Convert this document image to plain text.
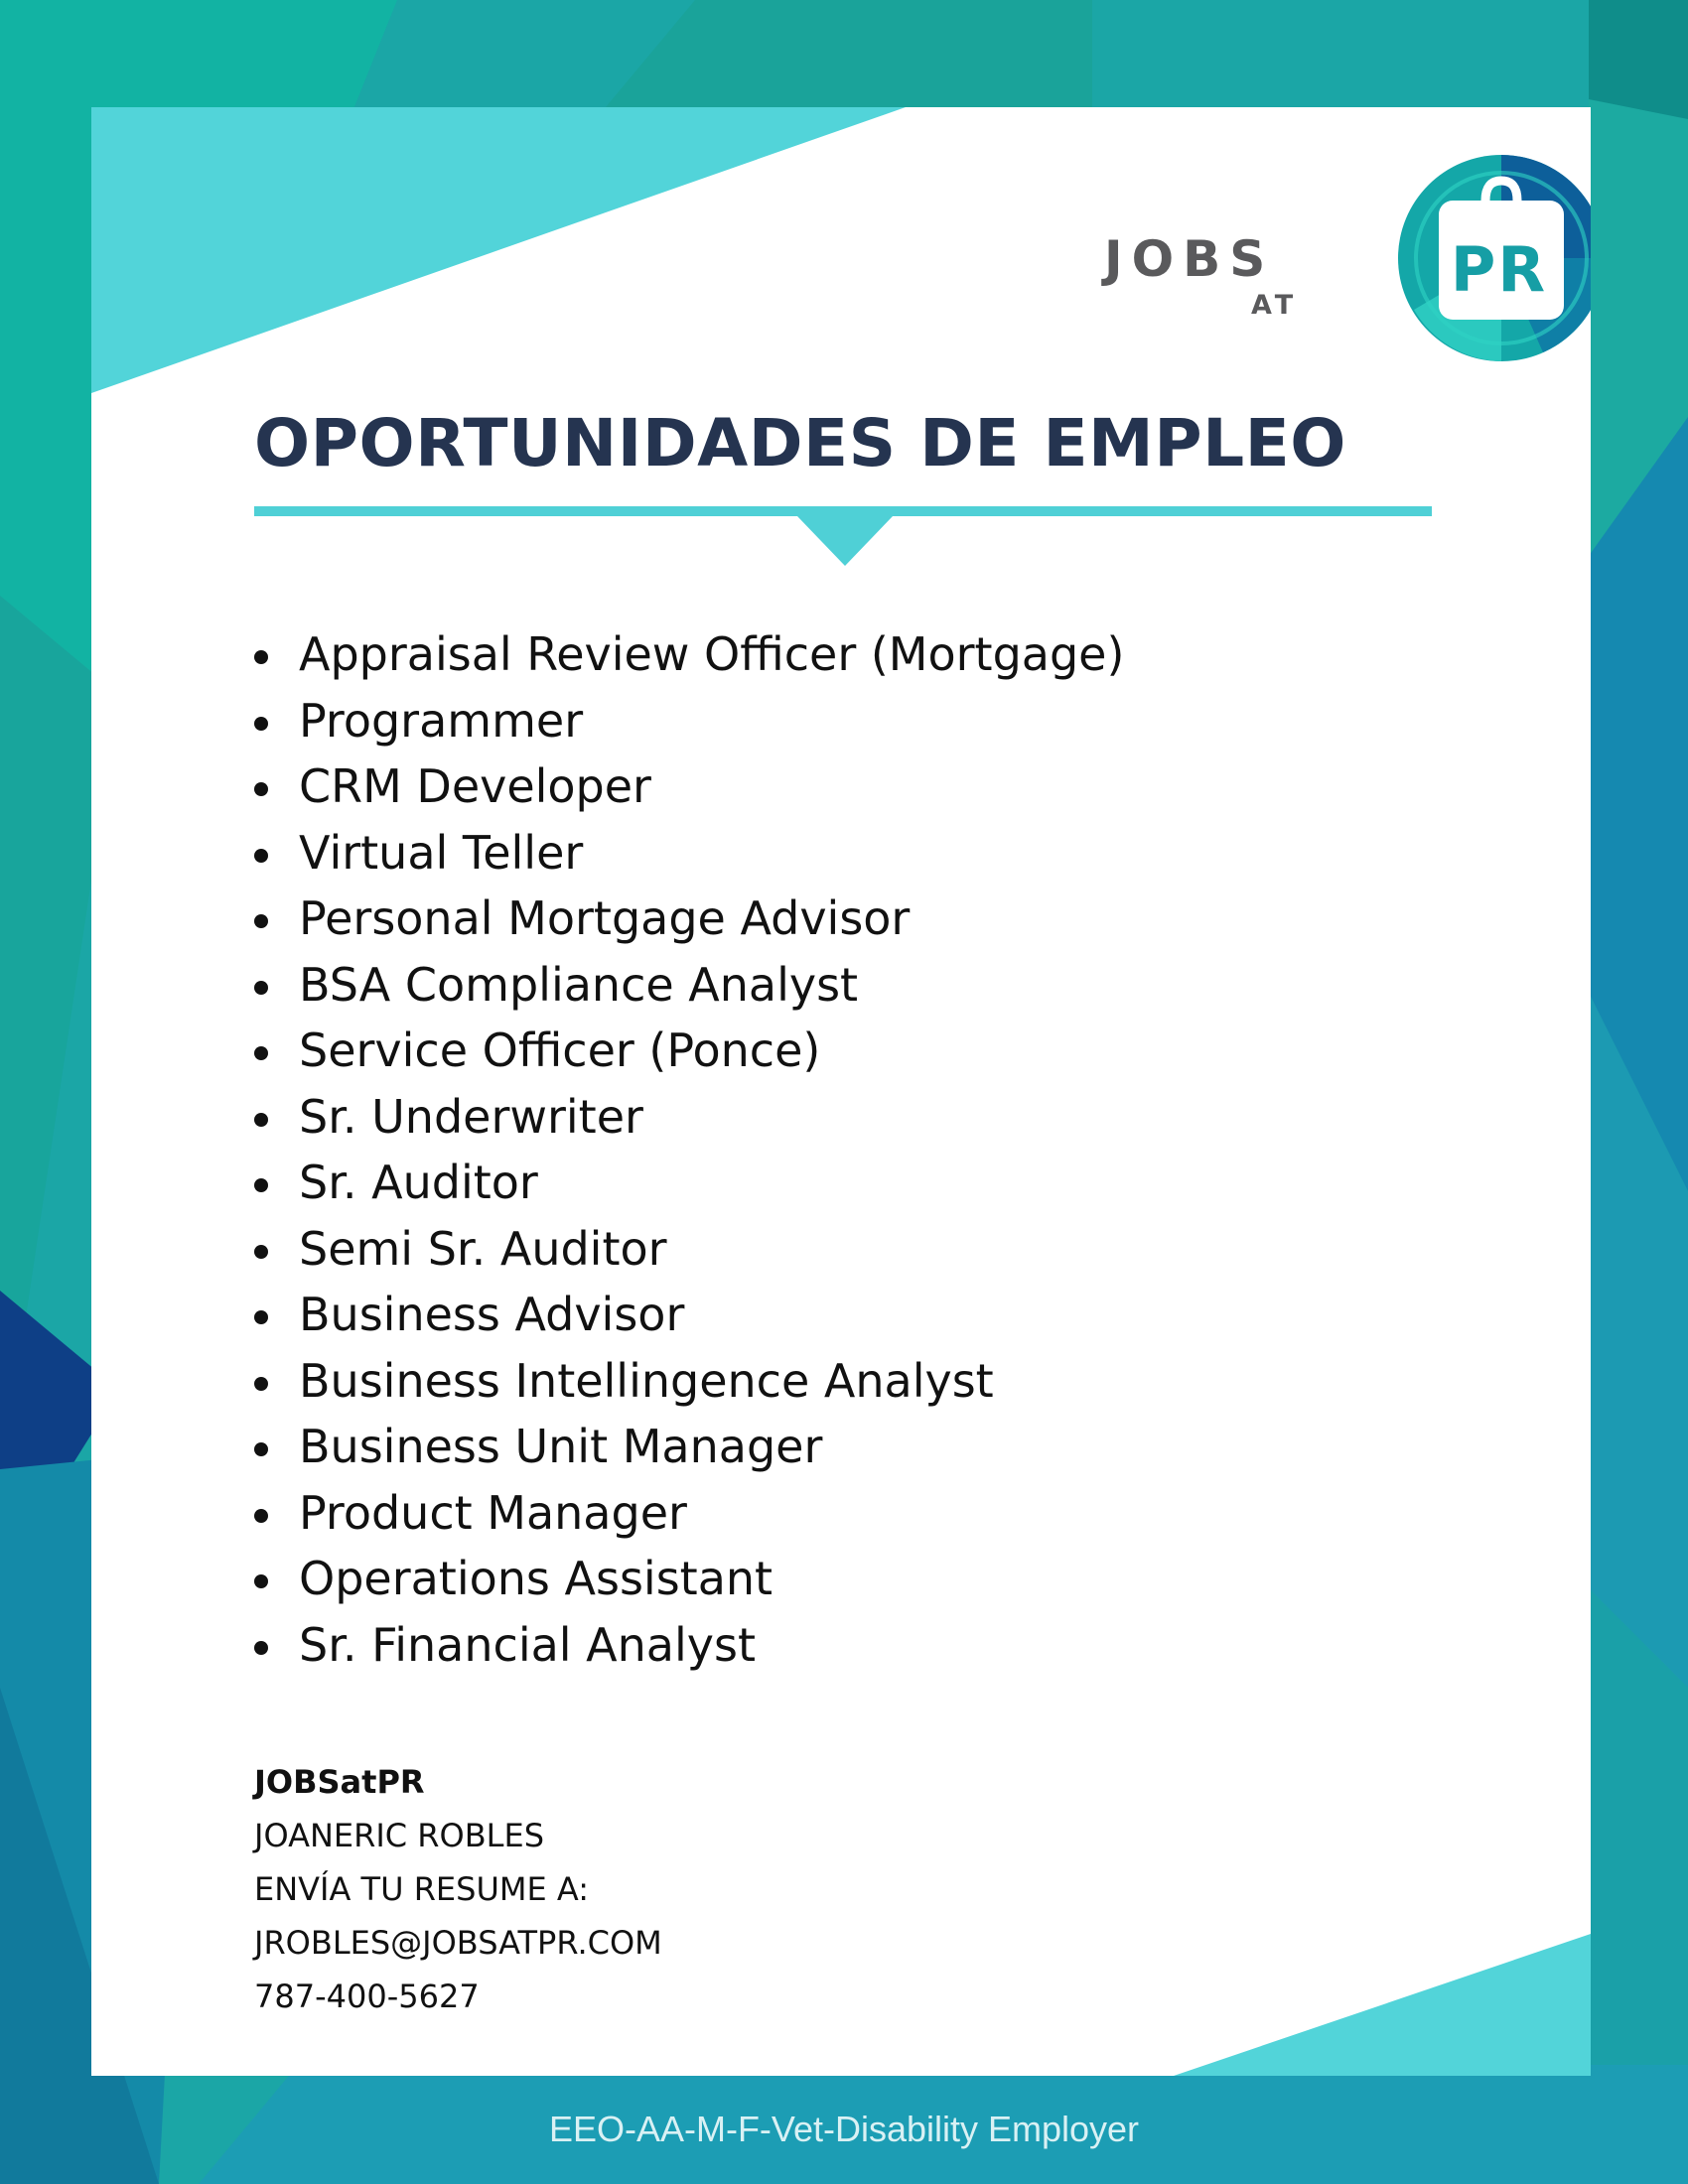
JOBS
AT PR
OPORTUNIDADES DE EMPLEO
Appraisal Review Officer (Mortgage)
Programmer
CRM Developer
Virtual Teller
Personal Mortgage Advisor
BSA Compliance Analyst
Service Officer (Ponce)
Sr. Underwriter
Sr. Auditor
Semi Sr. Auditor
Business Advisor
Business Intellingence Analyst
Business Unit Manager
Product Manager
Operations Assistant
Sr. Financial Analyst
JOBSatPR
JOANERIC ROBLES
ENVÍA TU RESUME A:
JROBLES@JOBSATPR.COM
787-400-5627
EEO-AA-M-F-Vet-Disability Employer
